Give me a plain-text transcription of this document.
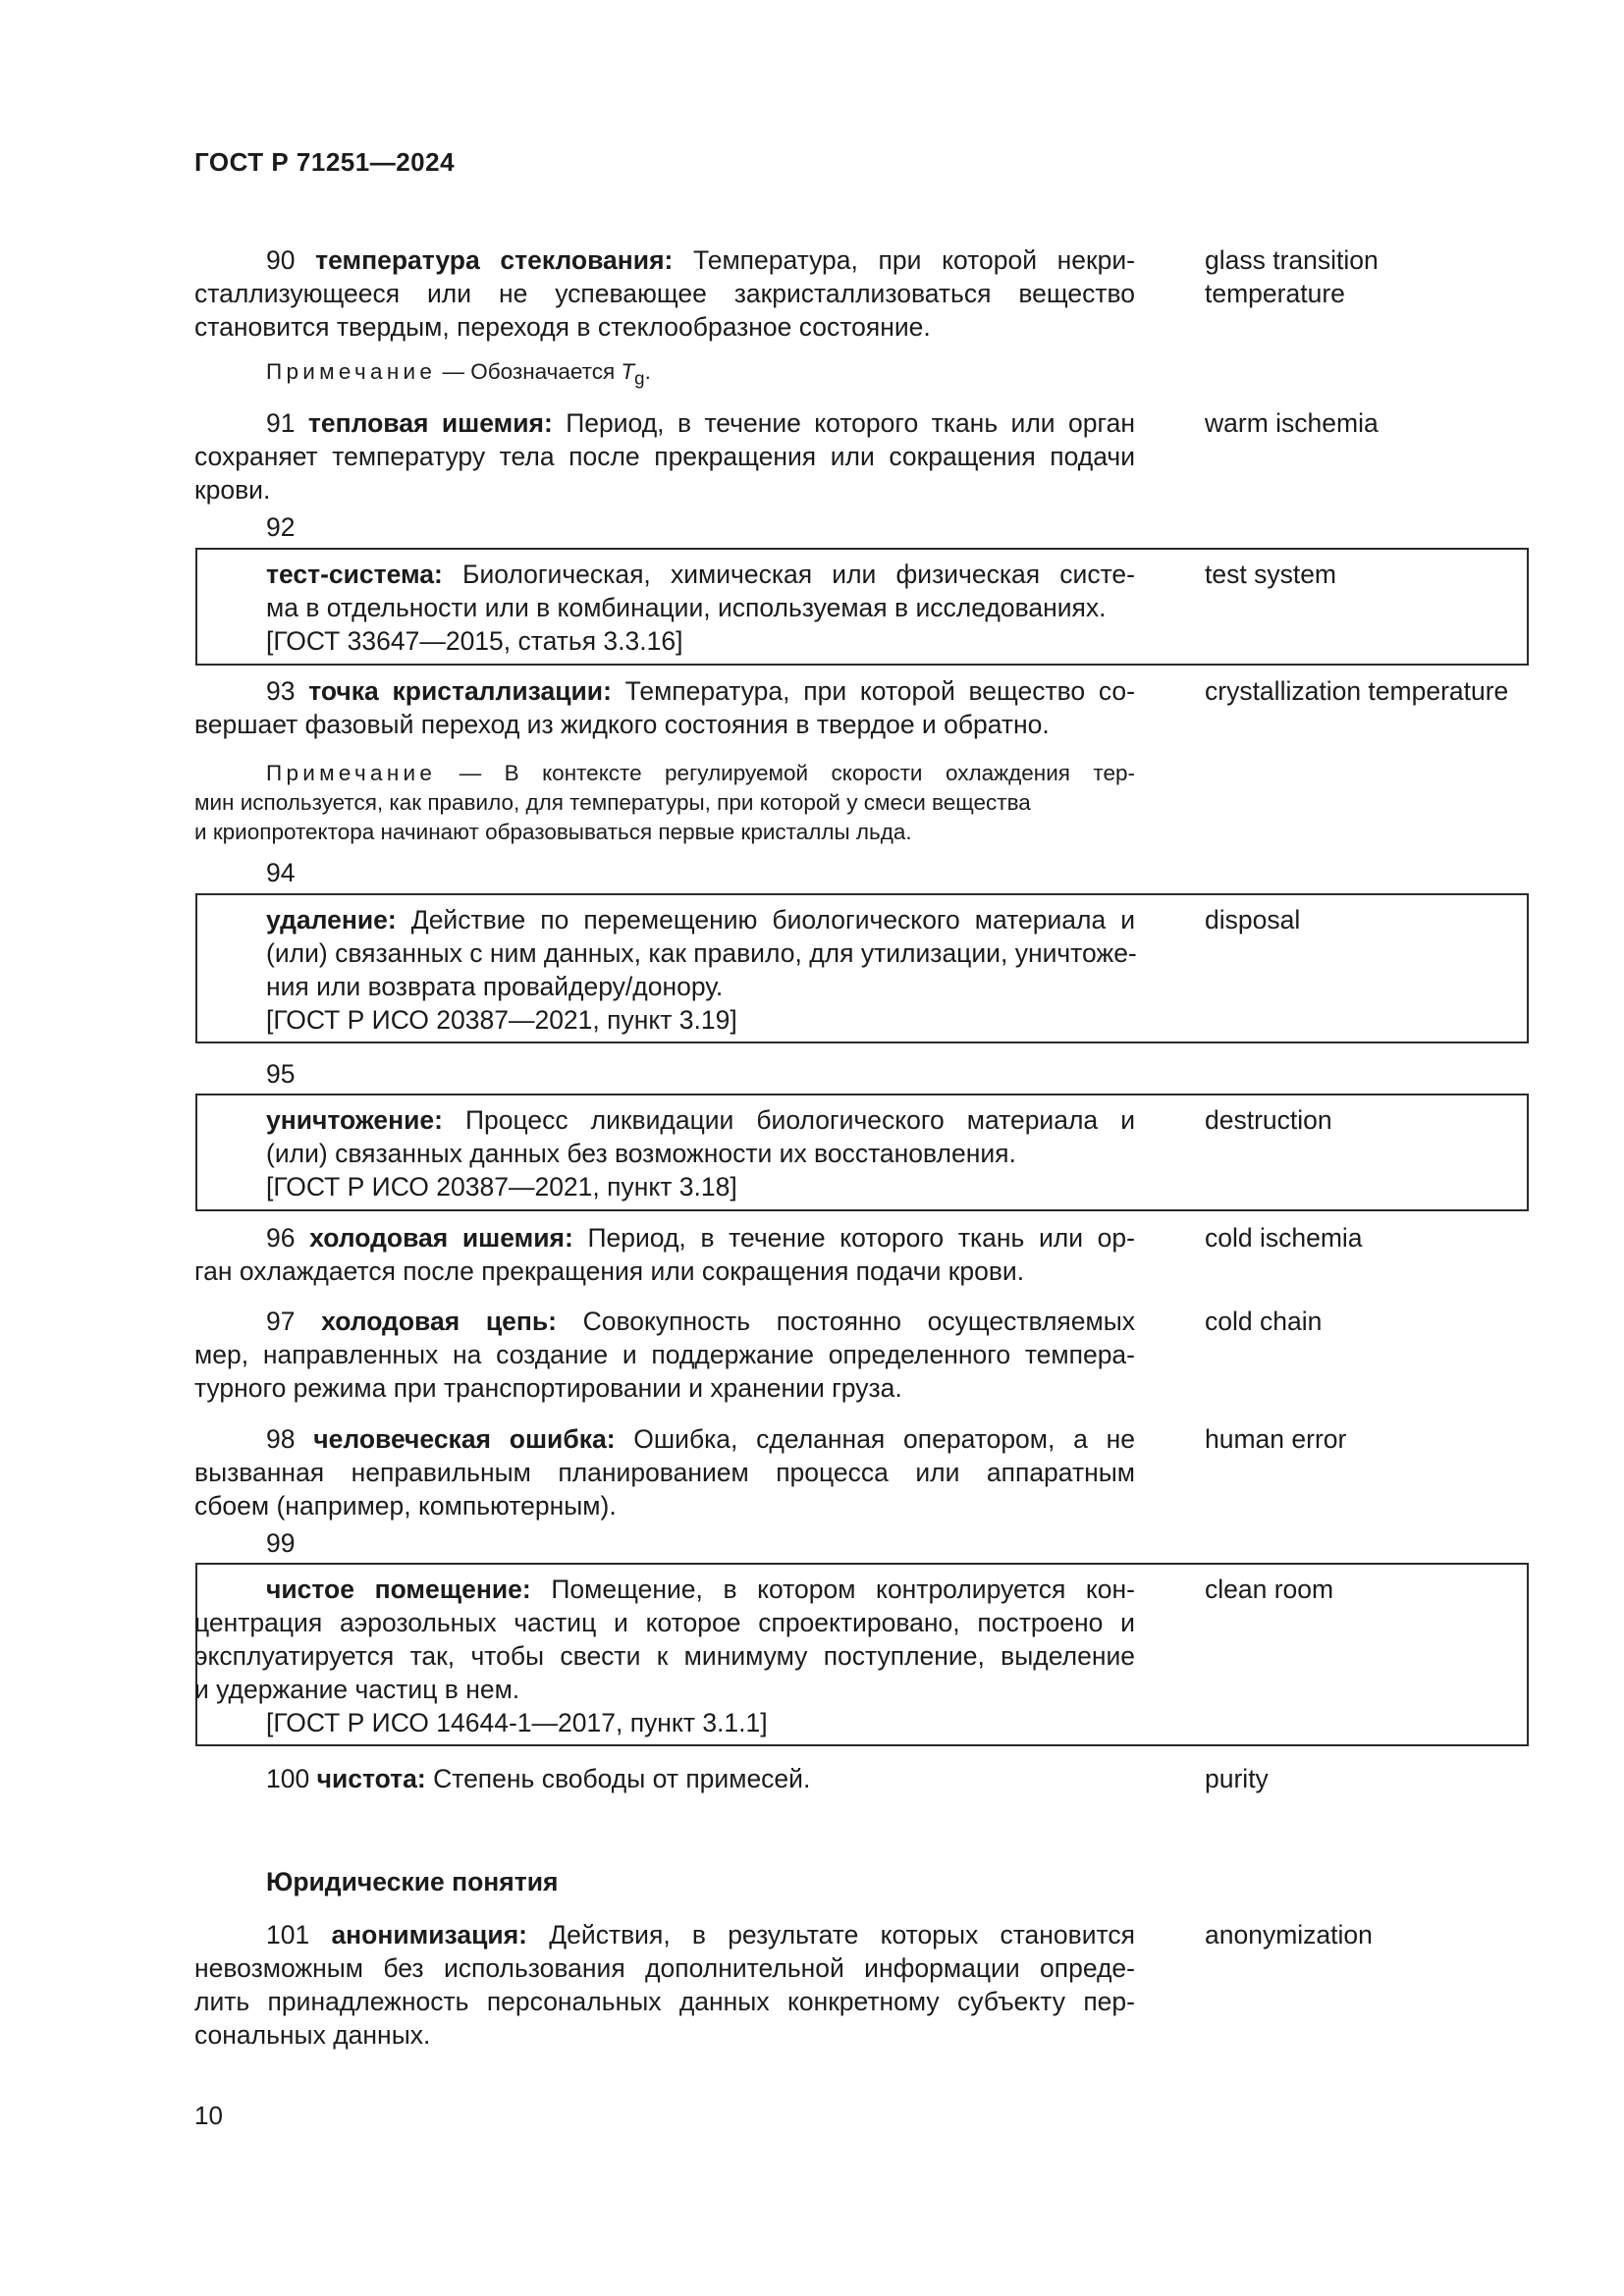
ГОСТ Р 71251—2024
90 температура стеклования: Температура, при которой некри-
сталлизующееся или не успевающее закристаллизоваться вещество
становится твердым, переходя в стеклообразное состояние.
glass transition
temperature
Примечание — Обозначается $T_g$.
91 тепловая ишемия: Период, в течение которого ткань или орган
сохраняет температуру тела после прекращения или сокращения подачи
крови.
warm ischemia
92
тест-система: Биологическая, химическая или физическая систе-
ма в отдельности или в комбинации, используемая в исследованиях.
[ГОСТ 33647—2015, статья 3.3.16]
test system
93 точка кристаллизации: Температура, при которой вещество со-
вершает фазовый переход из жидкого состояния в твердое и обратно.
crystallization temperature
Примечание — В контексте регулируемой скорости охлаждения тер-
мин используется, как правило, для температуры, при которой у смеси вещества
и криопротектора начинают образовываться первые кристаллы льда.
94
удаление: Действие по перемещению биологического материала и
(или) связанных с ним данных, как правило, для утилизации, уничтоже-
ния или возврата провайдеру/донору.
[ГОСТ Р ИСО 20387—2021, пункт 3.19]
disposal
95
уничтожение: Процесс ликвидации биологического материала и
(или) связанных данных без возможности их восстановления.
[ГОСТ Р ИСО 20387—2021, пункт 3.18]
destruction
96 холодовая ишемия: Период, в течение которого ткань или ор-
ган охлаждается после прекращения или сокращения подачи крови.
cold ischemia
97 холодовая цепь: Совокупность постоянно осуществляемых
мер, направленных на создание и поддержание определенного темпера-
турного режима при транспортировании и хранении груза.
cold chain
98 человеческая ошибка: Ошибка, сделанная оператором, а не
вызванная неправильным планированием процесса или аппаратным
сбоем (например, компьютерным).
human error
99
чистое помещение: Помещение, в котором контролируется кон-
центрация аэрозольных частиц и которое спроектировано, построено и
эксплуатируется так, чтобы свести к минимуму поступление, выделение
и удержание частиц в нем.
[ГОСТ Р ИСО 14644-1—2017, пункт 3.1.1]
clean room
100 чистота: Степень свободы от примесей.	purity
Юридические понятия
101 анонимизация: Действия, в результате которых становится
невозможным без использования дополнительной информации опреде-
лить принадлежность персональных данных конкретному субъекту пер-
сональных данных.
anonymization
10
